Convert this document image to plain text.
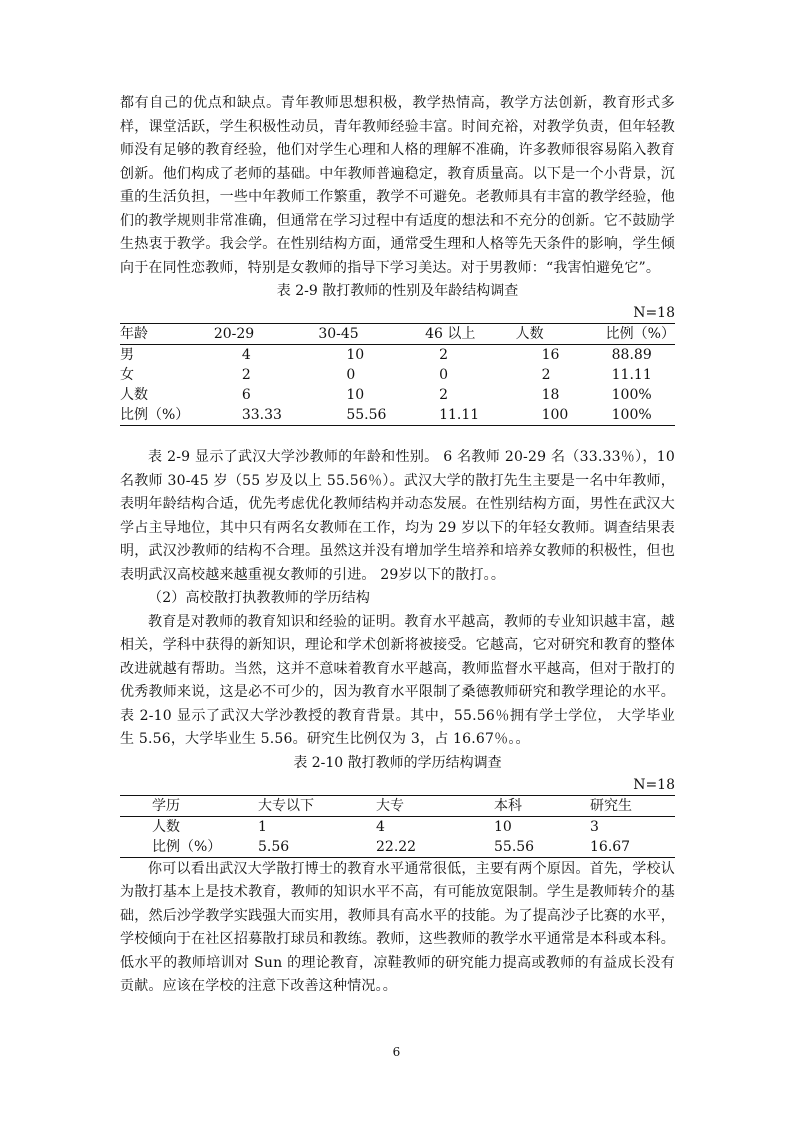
都有自己的优点和缺点。青年教师思想积极，教学热情高，教学方法创新，教育形式多样，课堂活跃，学生积极性动员，青年教师经验丰富。时间充裕，对教学负责，但年轻教师没有足够的教育经验，他们对学生心理和人格的理解不准确，许多教师很容易陷入教育创新。他们构成了老师的基础。中年教师普遍稳定，教育质量高。以下是一个小背景，沉重的生活负担，一些中年教师工作繁重，教学不可避免。老教师具有丰富的教学经验，他们的教学规则非常准确，但通常在学习过程中有适度的想法和不充分的创新。它不鼓励学生热衷于教学。我会学。在性别结构方面，通常受生理和人格等先天条件的影响，学生倾向于在同性恋教师，特别是女教师的指导下学习美达。对于男教师：“我害怕避免它”。

表 2-9 散打教师的性别及年龄结构调查

N=18

年龄	20-29	30-45	46 以上	人数	比例（%）
男	4	10	2	16	88.89
女	2	0	0	2	11.11
人数	6	10	2	18	100%
比例（%）	33.33	55.56	11.11	100	100%

表 2-9 显示了武汉大学沙教师的年龄和性别。 6 名教师 20-29 名（33.33％），10 名教师 30-45 岁（55 岁及以上 55.56％）。武汉大学的散打先生主要是一名中年教师，表明年龄结构合适，优先考虑优化教师结构并动态发展。在性别结构方面，男性在武汉大学占主导地位，其中只有两名女教师在工作，均为 29 岁以下的年轻女教师。调查结果表明，武汉沙教师的结构不合理。虽然这并没有增加学生培养和培养女教师的积极性，但也表明武汉高校越来越重视女教师的引进。 29岁以下的散打。。

（2）高校散打执教教师的学历结构

教育是对教师的教育知识和经验的证明。教育水平越高，教师的专业知识越丰富，越相关，学科中获得的新知识，理论和学术创新将被接受。它越高，它对研究和教育的整体改进就越有帮助。当然，这并不意味着教育水平越高，教师监督水平越高，但对于散打的优秀教师来说，这是必不可少的，因为教育水平限制了桑德教师研究和教学理论的水平。表 2-10 显示了武汉大学沙教授的教育背景。其中，55.56％拥有学士学位， 大学毕业生 5.56，大学毕业生 5.56。研究生比例仅为 3，占 16.67％。。

表 2-10 散打教师的学历结构调查

N=18

学历	大专以下	大专	本科	研究生
人数	1	4	10	3
比例（%）	5.56	22.22	55.56	16.67

你可以看出武汉大学散打博士的教育水平通常很低，主要有两个原因。首先，学校认为散打基本上是技术教育，教师的知识水平不高，有可能放宽限制。学生是教师转介的基础，然后沙学教学实践强大而实用，教师具有高水平的技能。为了提高沙子比赛的水平，学校倾向于在社区招募散打球员和教练。教师，这些教师的教学水平通常是本科或本科。低水平的教师培训对 Sun 的理论教育，凉鞋教师的研究能力提高或教师的有益成长没有贡献。应该在学校的注意下改善这种情况。。

6
